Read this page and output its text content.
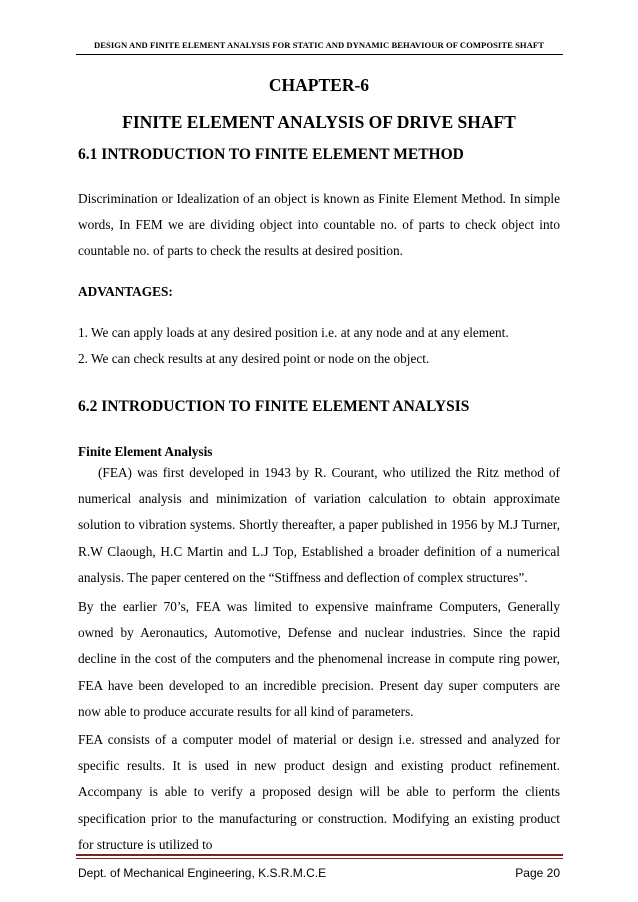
DESIGN AND FINITE ELEMENT ANALYSIS FOR STATIC AND DYNAMIC BEHAVIOUR OF COMPOSITE SHAFT
CHAPTER-6
FINITE ELEMENT ANALYSIS OF DRIVE SHAFT
6.1 INTRODUCTION TO FINITE ELEMENT METHOD

Discrimination or Idealization of an object is known as Finite Element Method. In simple words, In FEM we are dividing object into countable no. of parts to check object into countable no. of parts to check the results at desired position.

ADVANTAGES:
1. We can apply loads at any desired position i.e. at any node and at any element.
2. We can check results at any desired point or node on the object.
6.2 INTRODUCTION TO FINITE ELEMENT ANALYSIS
Finite Element Analysis

(FEA) was first developed in 1943 by R. Courant, who utilized the Ritz method of numerical analysis and minimization of variation calculation to obtain approximate solution to vibration systems. Shortly thereafter, a paper published in 1956 by M.J Turner, R.W Claough, H.C Martin and L.J Top, Established a broader definition of a numerical analysis. The paper centered on the “Stiffness and deflection of complex structures”.

By the earlier 70’s, FEA was limited to expensive mainframe Computers, Generally owned by Aeronautics, Automotive, Defense and nuclear industries. Since the rapid decline in the cost of the computers and the phenomenal increase in compute ring power, FEA have been developed to an incredible precision. Present day super computers are now able to produce accurate results for all kind of parameters.

FEA consists of a computer model of material or design i.e. stressed and analyzed for specific results. It is used in new product design and existing product refinement. Accompany is able to verify a proposed design will be able to perform the clients specification prior to the manufacturing or construction. Modifying an existing product for structure is utilized to

Dept. of Mechanical Engineering, K.S.R.M.C.E	Page 20
